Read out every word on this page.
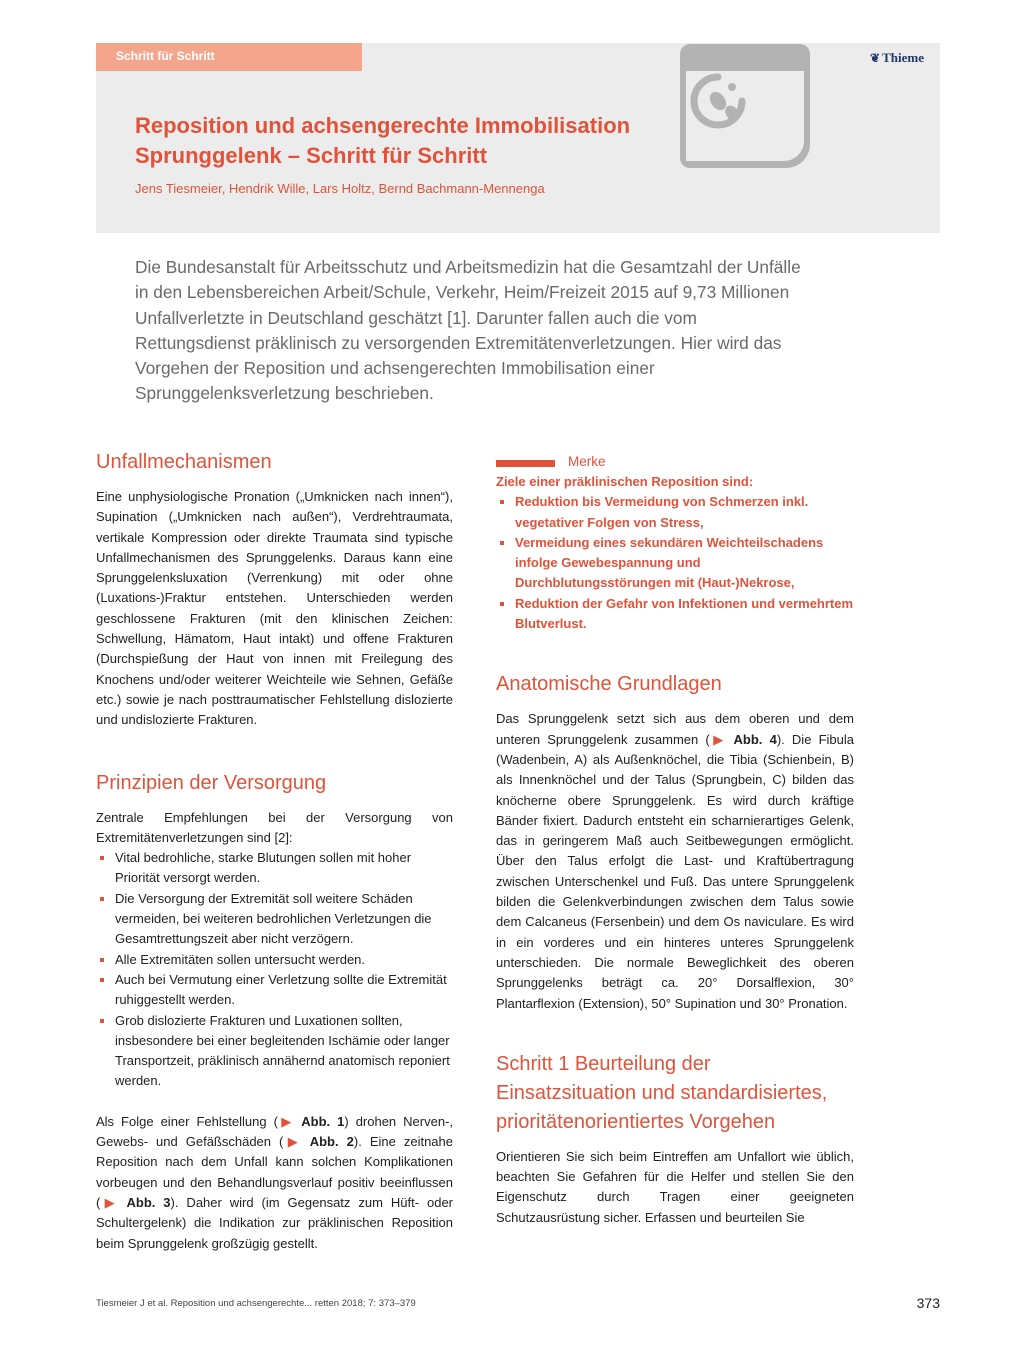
Schritt für Schritt	❦ Thieme
Reposition und achsengerechte Immobilisation
Sprunggelenk – Schritt für Schritt
Jens Tiesmeier, Hendrik Wille, Lars Holtz, Bernd Bachmann-Mennenga
Die Bundesanstalt für Arbeitsschutz und Arbeitsmedizin hat die Gesamtzahl der Unfälle in den Lebensbereichen Arbeit/Schule, Verkehr, Heim/Freizeit 2015 auf 9,73 Millionen Unfallverletzte in Deutschland geschätzt [1]. Darunter fallen auch die vom Rettungsdienst präklinisch zu versorgenden Extremitätenverletzungen. Hier wird das Vorgehen der Reposition und achsengerechten Immobilisation einer Sprunggelenksverletzung beschrieben.
Unfallmechanismen

Eine unphysiologische Pronation („Umknicken nach innen“), Supination („Umknicken nach außen“), Verdrehtraumata, vertikale Kompression oder direkte Traumata sind typische Unfallmechanismen des Sprunggelenks. Daraus kann eine Sprunggelenksluxation (Verrenkung) mit oder ohne (Luxations-)Fraktur entstehen. Unterschieden werden geschlossene Frakturen (mit den klinischen Zeichen: Schwellung, Hämatom, Haut intakt) und offene Frakturen (Durchspießung der Haut von innen mit Freilegung des Knochens und/oder weiterer Weichteile wie Sehnen, Gefäße etc.) sowie je nach posttraumatischer Fehlstellung dislozierte und undislozierte Frakturen.

Prinzipien der Versorgung

Zentrale Empfehlungen bei der Versorgung von Extremitätenverletzungen sind [2]:

Vital bedrohliche, starke Blutungen sollen mit hoher Priorität versorgt werden.
Die Versorgung der Extremität soll weitere Schäden vermeiden, bei weiteren bedrohlichen Verletzungen die Gesamtrettungszeit aber nicht verzögern.
Alle Extremitäten sollen untersucht werden.
Auch bei Vermutung einer Verletzung sollte die Extremität ruhiggestellt werden.
Grob dislozierte Frakturen und Luxationen sollten, insbesondere bei einer begleitenden Ischämie oder langer Transportzeit, präklinisch annähernd anatomisch reponiert werden.

Als Folge einer Fehlstellung (▶ Abb. 1) drohen Nerven-, Gewebs- und Gefäßschäden (▶ Abb. 2). Eine zeitnahe Reposition nach dem Unfall kann solchen Komplikationen vorbeugen und den Behandlungsverlauf positiv beeinflussen (▶ Abb. 3). Daher wird (im Gegensatz zum Hüft- oder Schultergelenk) die Indikation zur präklinischen Reposition beim Sprunggelenk großzügig gestellt.

Merke

Ziele einer präklinischen Reposition sind:

Reduktion bis Vermeidung von Schmerzen inkl. vegetativer Folgen von Stress,
Vermeidung eines sekundären Weichteilschadens infolge Gewebespannung und Durchblutungsstörungen mit (Haut-)Nekrose,
Reduktion der Gefahr von Infektionen und vermehrtem Blutverlust.
Anatomische Grundlagen

Das Sprunggelenk setzt sich aus dem oberen und dem unteren Sprunggelenk zusammen (▶ Abb. 4). Die Fibula (Wadenbein, A) als Außenknöchel, die Tibia (Schienbein, B) als Innenknöchel und der Talus (Sprungbein, C) bilden das knöcherne obere Sprunggelenk. Es wird durch kräftige Bänder fixiert. Dadurch entsteht ein scharnierartiges Gelenk, das in geringerem Maß auch Seitbewegungen ermöglicht. Über den Talus erfolgt die Last- und Kraftübertragung zwischen Unterschenkel und Fuß. Das untere Sprunggelenk bilden die Gelenkverbindungen zwischen dem Talus sowie dem Calcaneus (Fersenbein) und dem Os naviculare. Es wird in ein vorderes und ein hinteres unteres Sprunggelenk unterschieden. Die normale Beweglichkeit des oberen Sprunggelenks beträgt ca. 20° Dorsalflexion, 30° Plantarflexion (Extension), 50° Supination und 30° Pronation.

Schritt 1 Beurteilung der Einsatzsituation und standardisiertes, prioritätenorientiertes Vorgehen

Orientieren Sie sich beim Eintreffen am Unfallort wie üblich, beachten Sie Gefahren für die Helfer und stellen Sie den Eigenschutz durch Tragen einer geeigneten Schutzausrüstung sicher. Erfassen und beurteilen Sie

Tiesmeier J et al. Reposition und achsengerechte... retten 2018; 7: 373–379	373
